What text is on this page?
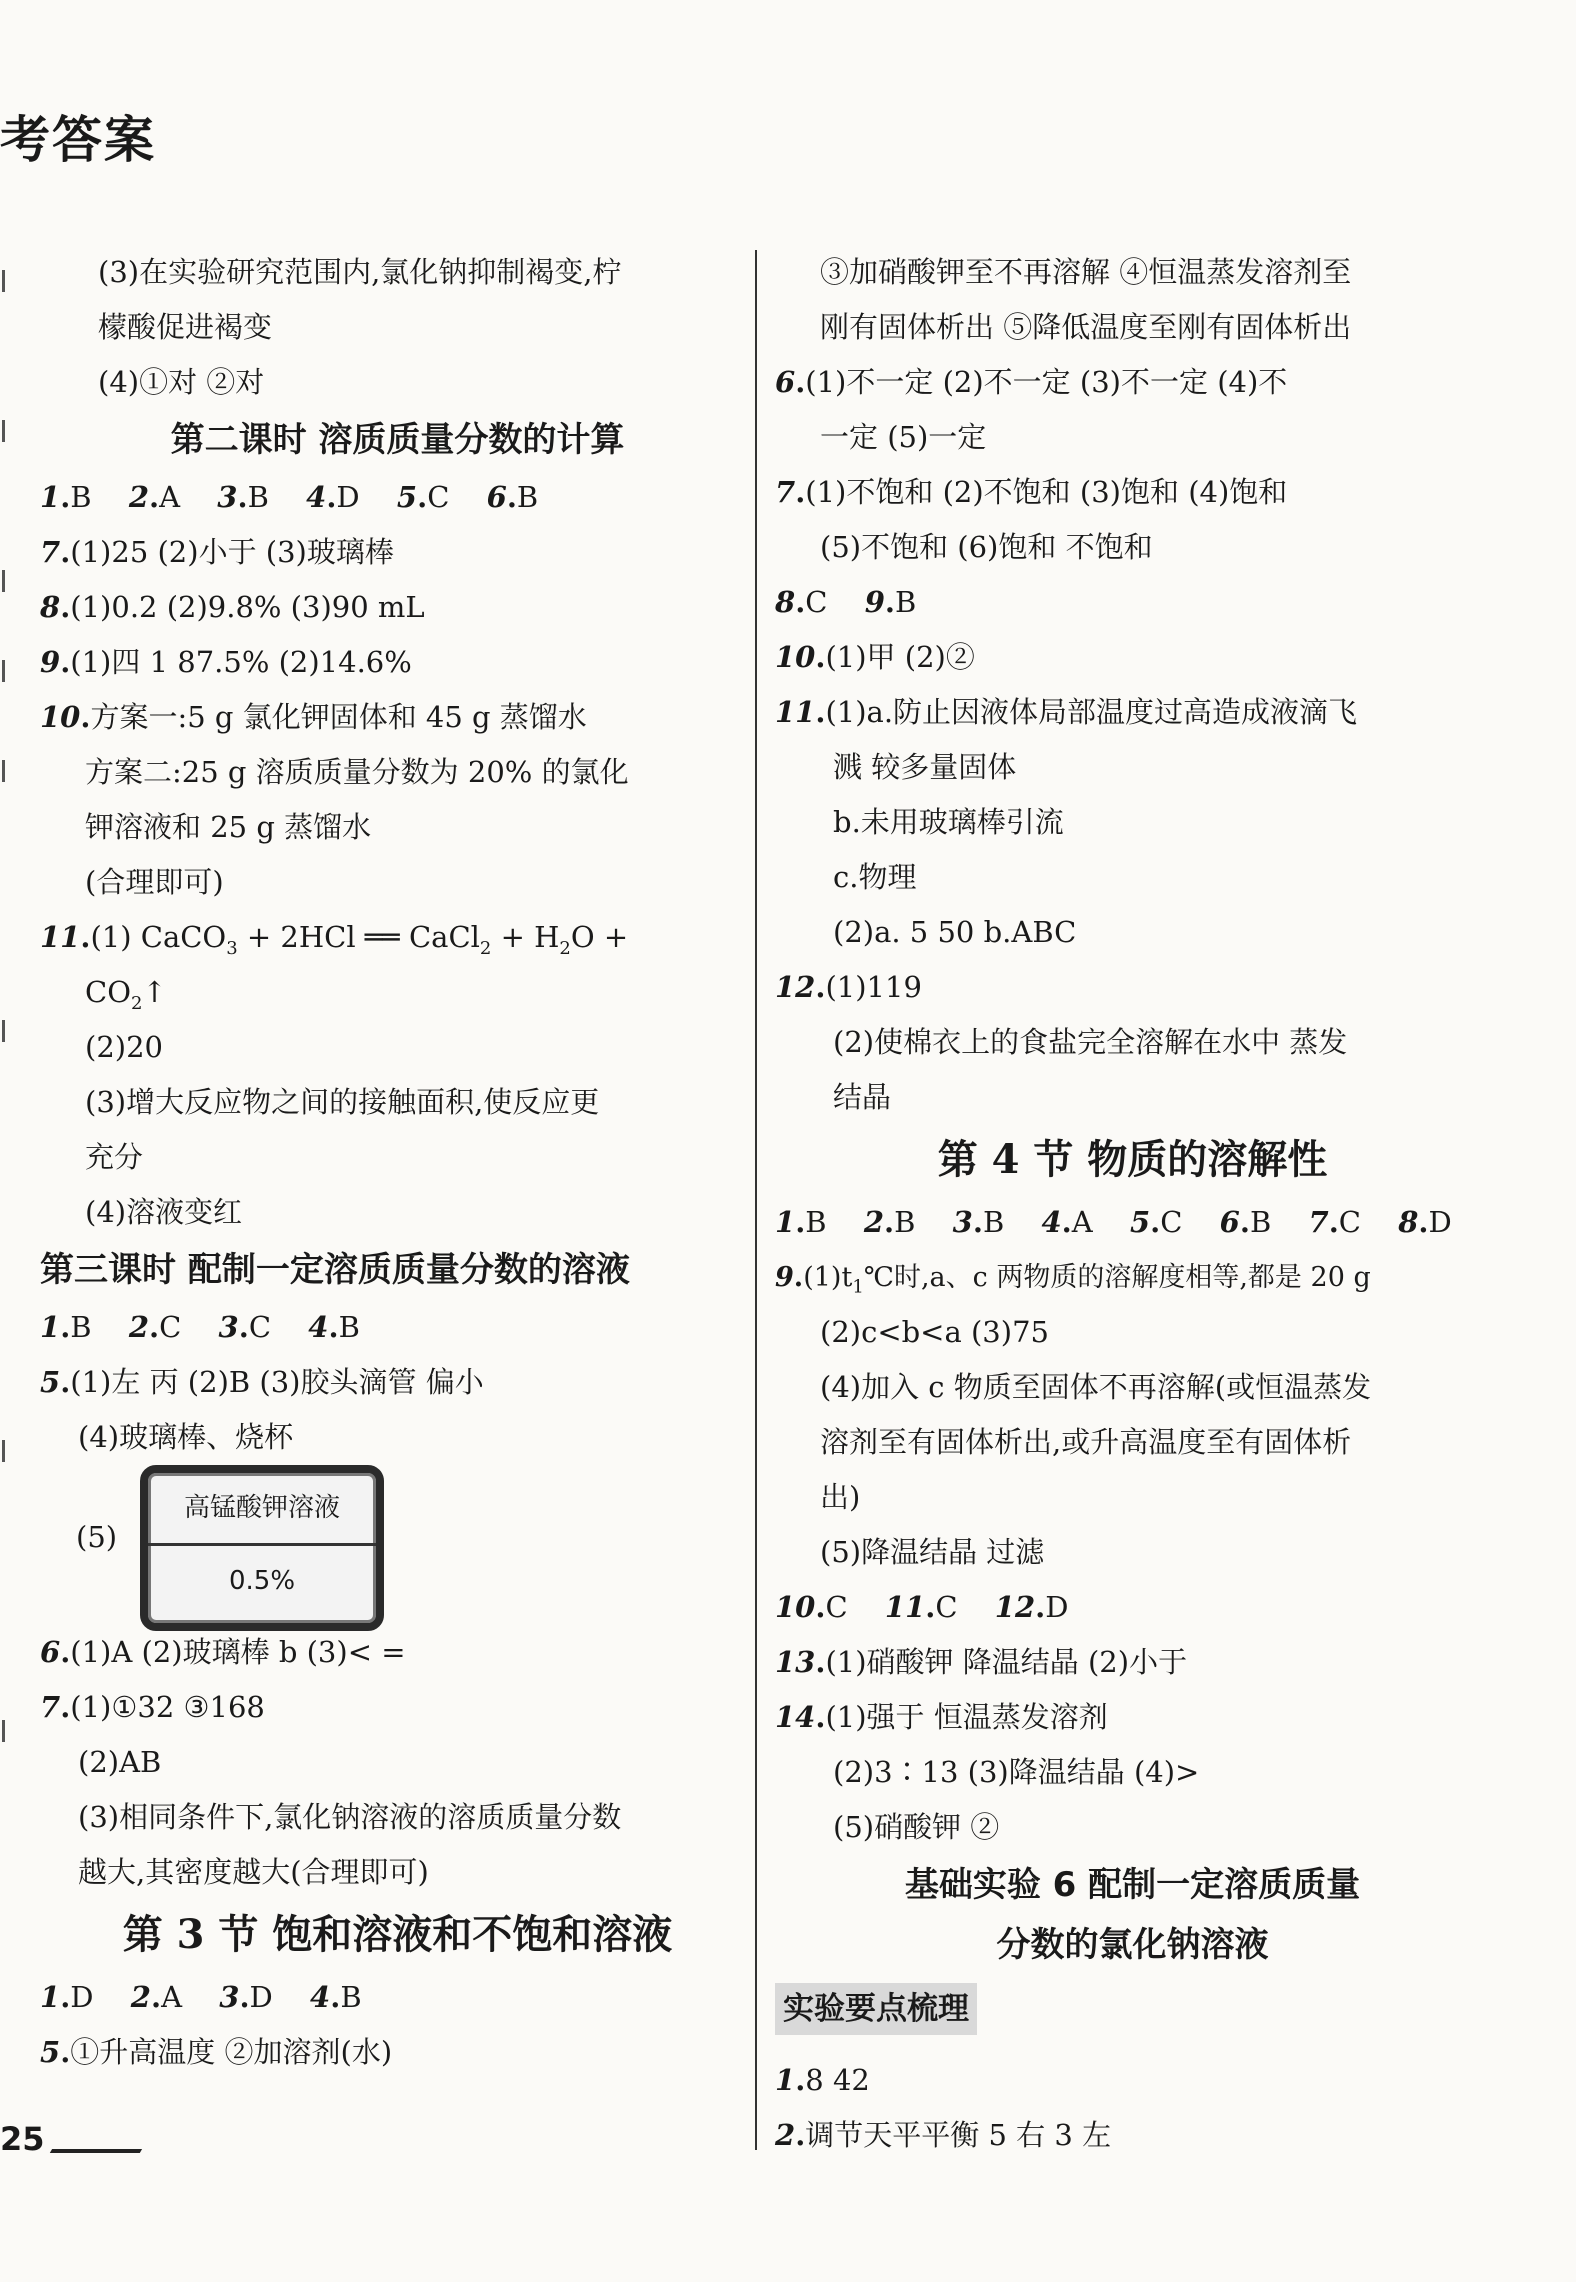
考答案
(3)在实验研究范围内,氯化钠抑制褐变,柠
檬酸促进褐变
(4)①对 ②对
第二课时 溶质质量分数的计算
1 . B 2 . A 3 . B 4 . D 5 . C 6 . B
7 . (1)25 (2)小于 (3)玻璃棒
8 . (1)0.2 (2)9.8% (3)90 mL
9 . (1)四 1 87.5% (2)14.6%
10 . 方案一:5 g 氯化钾固体和 45 g 蒸馏水
方案二:25 g 溶质质量分数为 20% 的氯化
钾溶液和 25 g 蒸馏水
(合理即可)
11 . (1) CaCO$_3$ + 2HCl ══ CaCl$_2$ + $H_2O$ +
$CO_2↑$
(2)20
(3)增大反应物之间的接触面积,使反应更
充分
(4)溶液变红
第三课时 配制一定溶质质量分数的溶液
1 . B 2 . C 3 . C 4 . B
5 . (1)左 丙 (2)B (3)胶头滴管 偏小
(4)玻璃棒、烧杯
(5)
高锰酸钾溶液
0.5%
6 . (1)A (2)玻璃棒 b (3)< =
7 . (1)①32 ③168
(2)AB
(3)相同条件下,氯化钠溶液的溶质质量分数
越大,其密度越大(合理即可)
第 3 节 饱和溶液和不饱和溶液
1 . D 2 . A 3 . D 4 . B
5 . ①升高温度 ②加溶剂(水)
③加硝酸钾至不再溶解 ④恒温蒸发溶剂至
刚有固体析出 ⑤降低温度至刚有固体析出
6 . (1)不一定 (2)不一定 (3)不一定 (4)不
一定 (5)一定
7 . (1)不饱和 (2)不饱和 (3)饱和 (4)饱和
(5)不饱和 (6)饱和 不饱和
8 . C 9 . B
10 . (1)甲 (2)②
11 . (1)a.防止因液体局部温度过高造成液滴飞
溅 较多量固体
b.未用玻璃棒引流
c.物理
(2)a. 5 50 b.ABC
12 . (1)119
(2)使棉衣上的食盐完全溶解在水中 蒸发
结晶
第 4 节 物质的溶解性
1 . B 2 . B 3 . B 4 . A 5 . C 6 . B 7 . C 8 . D
9 . $(1)t_1℃$时,a、c 两物质的溶解度相等,都是 20 g
(2)c<b<a (3)75
(4)加入 c 物质至固体不再溶解(或恒温蒸发
溶剂至有固体析出,或升高温度至有固体析
出)
(5)降温结晶 过滤
10 . C 11 . C 12 . D
13 . (1)硝酸钾 降温结晶 (2)小于
14 . (1)强于 恒温蒸发溶剂
(2)3∶13 (3)降温结晶 (4)>
(5)硝酸钾 ②
基础实验 6 配制一定溶质质量
分数的氯化钠溶液
实验要点梳理
1 . 8 42
2 . 调节天平平衡 5 右 3 左
25
